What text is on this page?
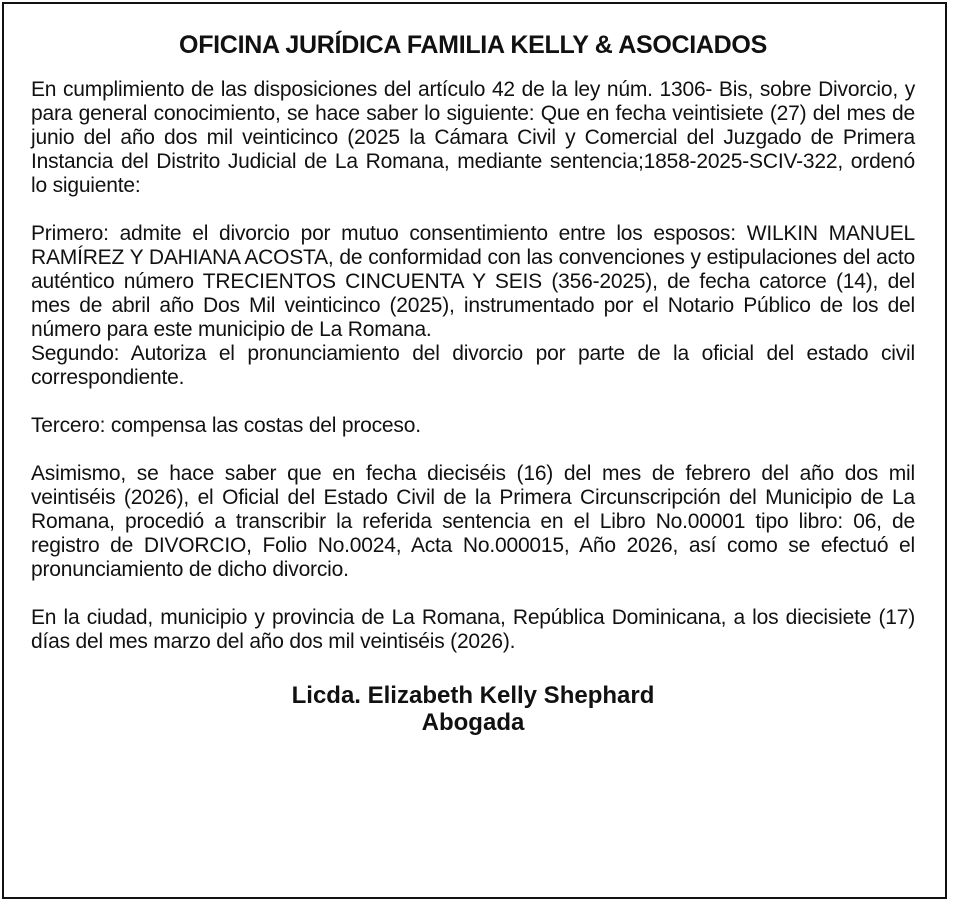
OFICINA JURÍDICA FAMILIA KELLY & ASOCIADOS

En cumplimiento de las disposiciones del artículo 42 de la ley núm. 1306- Bis, sobre Divorcio, y para general conocimiento, se hace saber lo siguiente: Que en fecha veintisiete (27) del mes de junio del año dos mil veinticinco (2025 la Cámara Civil y Comercial del Juzgado de Primera Instancia del Distrito Judicial de La Romana, mediante sentencia;1858-2025-SCIV-322, ordenó lo siguiente:

Primero: admite el divorcio por mutuo consentimiento entre los esposos: WILKIN MANUEL RAMÍREZ Y DAHIANA ACOSTA, de conformidad con las convenciones y estipulaciones del acto auténtico número TRECIENTOS CINCUENTA Y SEIS (356-2025), de fecha catorce (14), del mes de abril año Dos Mil veinticinco (2025), instrumentado por el Notario Público de los del número para este municipio de La Romana.

Segundo: Autoriza el pronunciamiento del divorcio por parte de la oficial del estado civil correspondiente.

Tercero: compensa las costas del proceso.

Asimismo, se hace saber que en fecha dieciséis (16) del mes de febrero del año dos mil veintiséis (2026), el Oficial del Estado Civil de la Primera Circunscripción del Municipio de La Romana, procedió a transcribir la referida sentencia en el Libro No.00001 tipo libro: 06, de registro de DIVORCIO, Folio No.0024, Acta No.000015, Año 2026, así como se efectuó el pronunciamiento de dicho divorcio.

En la ciudad, municipio y provincia de La Romana, República Dominicana, a los diecisiete (17) días del mes marzo del año dos mil veintiséis (2026).

Licda. Elizabeth Kelly Shephard
Abogada
